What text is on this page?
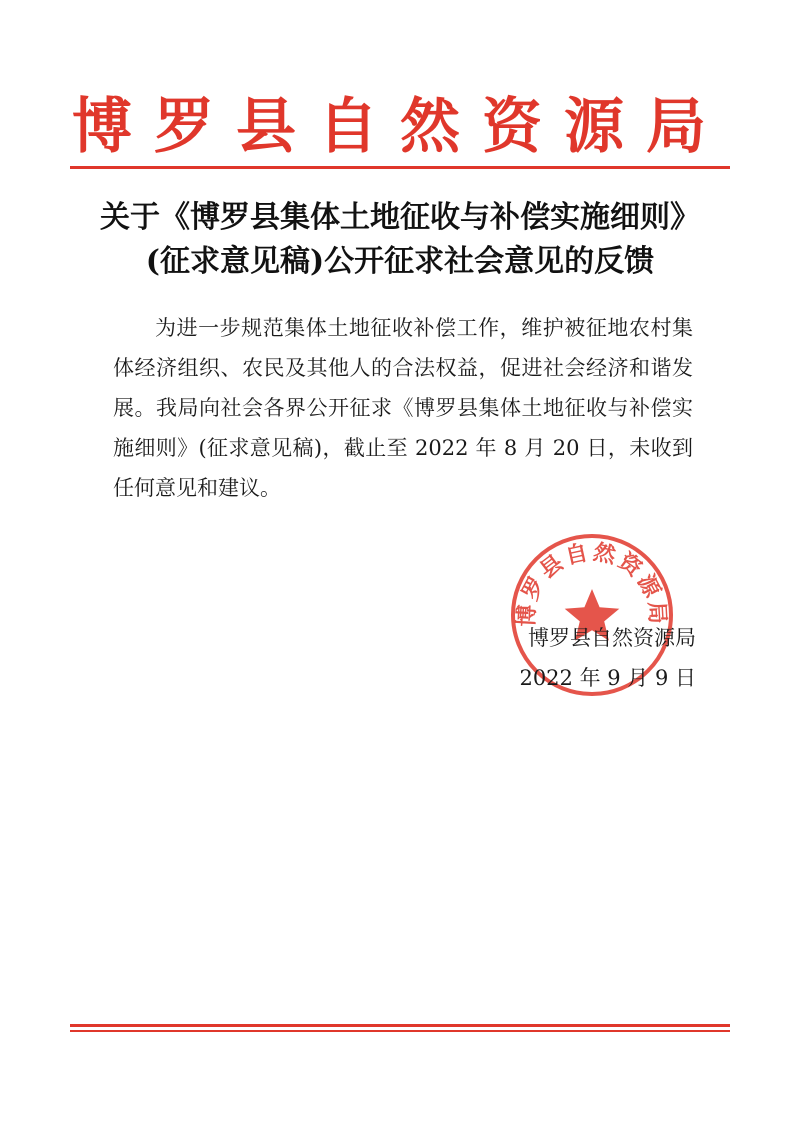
博罗县自然资源局
关于《博罗县集体土地征收与补偿实施细则》
(征求意见稿)公开征求社会意见的反馈

为进一步规范集体土地征收补偿工作，维护被征地农村集体经济组织、农民及其他人的合法权益，促进社会经济和谐发展。我局向社会各界公开征求《博罗县集体土地征收与补偿实施细则》(征求意见稿)，截止至 2022 年 8 月 20 日，未收到任何意见和建议。

博罗县自然资源局
博罗县自然资源局
2022 年 9 月 9 日
